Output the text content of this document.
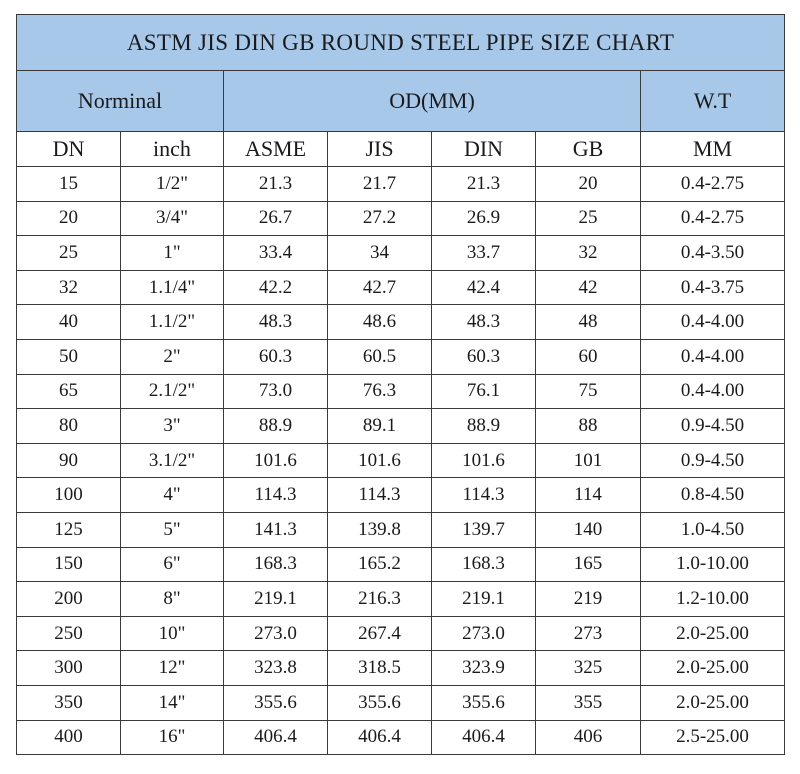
ASTM JIS DIN GB ROUND STEEL PIPE SIZE CHART						
Norminal		OD(MM)				W.T
DN	inch	ASME	JIS	DIN	GB	MM
15	1/2"	21.3	21.7	21.3	20	0.4-2.75
20	3/4"	26.7	27.2	26.9	25	0.4-2.75
25	1"	33.4	34	33.7	32	0.4-3.50
32	1.1/4"	42.2	42.7	42.4	42	0.4-3.75
40	1.1/2"	48.3	48.6	48.3	48	0.4-4.00
50	2"	60.3	60.5	60.3	60	0.4-4.00
65	2.1/2"	73.0	76.3	76.1	75	0.4-4.00
80	3"	88.9	89.1	88.9	88	0.9-4.50
90	3.1/2"	101.6	101.6	101.6	101	0.9-4.50
100	4"	114.3	114.3	114.3	114	0.8-4.50
125	5"	141.3	139.8	139.7	140	1.0-4.50
150	6"	168.3	165.2	168.3	165	1.0-10.00
200	8"	219.1	216.3	219.1	219	1.2-10.00
250	10"	273.0	267.4	273.0	273	2.0-25.00
300	12"	323.8	318.5	323.9	325	2.0-25.00
350	14"	355.6	355.6	355.6	355	2.0-25.00
400	16"	406.4	406.4	406.4	406	2.5-25.00
